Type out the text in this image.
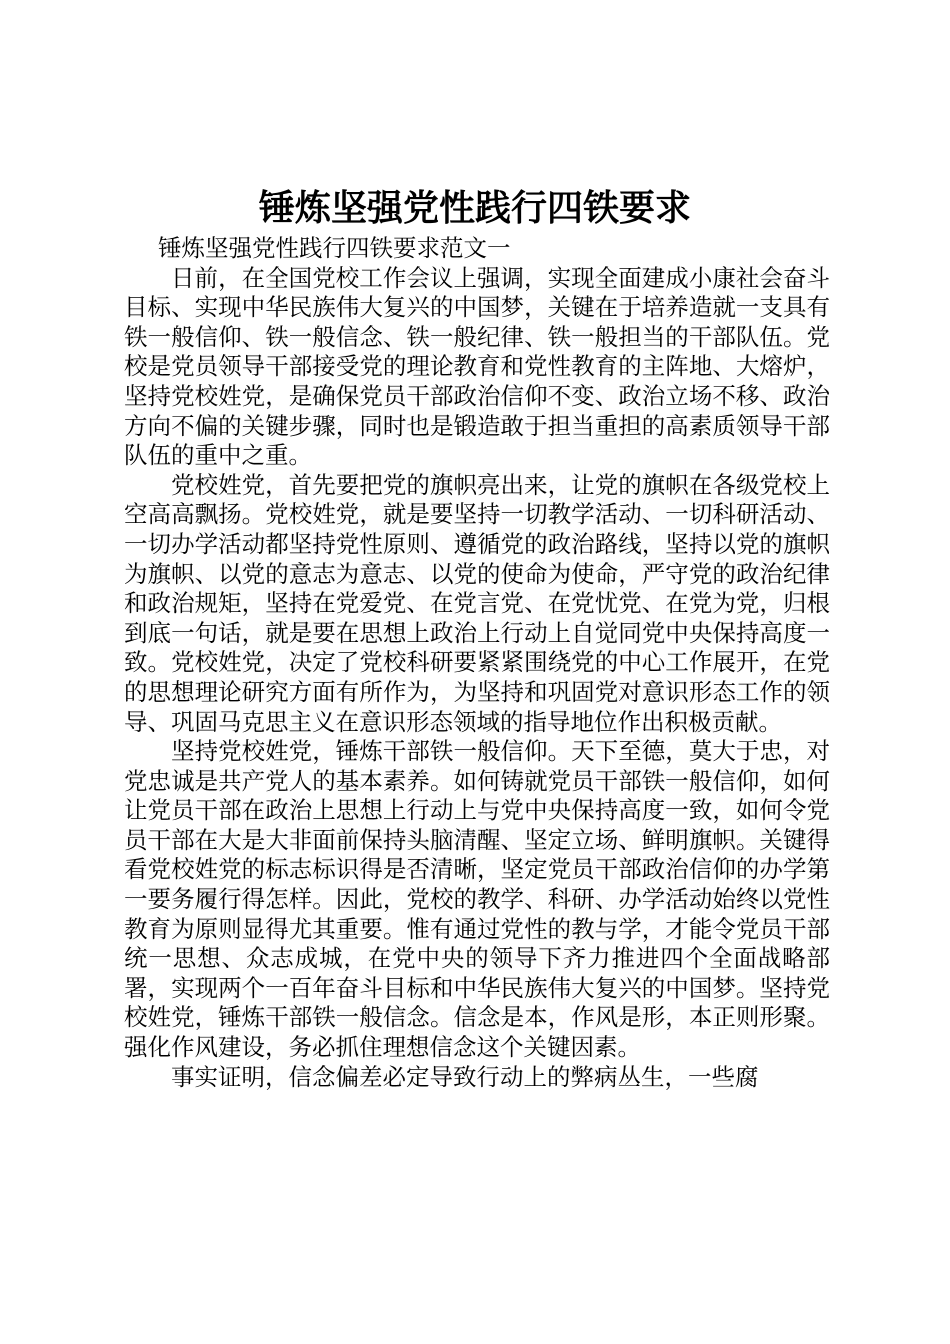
锤炼坚强党性践行四铁要求

锤炼坚强党性践行四铁要求范文一

日前，在全国党校工作会议上强调，实现全面建成小康社会奋斗目标、实现中华民族伟大复兴的中国梦，关键在于培养造就一支具有铁一般信仰、铁一般信念、铁一般纪律、铁一般担当的干部队伍。党校是党员领导干部接受党的理论教育和党性教育的主阵地、大熔炉，坚持党校姓党，是确保党员干部政治信仰不变、政治立场不移、政治方向不偏的关键步骤，同时也是锻造敢于担当重担的高素质领导干部队伍的重中之重。

党校姓党，首先要把党的旗帜亮出来，让党的旗帜在各级党校上空高高飘扬。党校姓党，就是要坚持一切教学活动、一切科研活动、一切办学活动都坚持党性原则、遵循党的政治路线，坚持以党的旗帜为旗帜、以党的意志为意志、以党的使命为使命，严守党的政治纪律和政治规矩，坚持在党爱党、在党言党、在党忧党、在党为党，归根到底一句话，就是要在思想上政治上行动上自觉同党中央保持高度一致。党校姓党，决定了党校科研要紧紧围绕党的中心工作展开，在党的思想理论研究方面有所作为，为坚持和巩固党对意识形态工作的领导、巩固马克思主义在意识形态领域的指导地位作出积极贡献。

坚持党校姓党，锤炼干部铁一般信仰。天下至德，莫大于忠，对党忠诚是共产党人的基本素养。如何铸就党员干部铁一般信仰，如何让党员干部在政治上思想上行动上与党中央保持高度一致，如何令党员干部在大是大非面前保持头脑清醒、坚定立场、鲜明旗帜。关键得看党校姓党的标志标识得是否清晰，坚定党员干部政治信仰的办学第一要务履行得怎样。因此，党校的教学、科研、办学活动始终以党性教育为原则显得尤其重要。惟有通过党性的教与学，才能令党员干部统一思想、众志成城，在党中央的领导下齐力推进四个全面战略部署，实现两个一百年奋斗目标和中华民族伟大复兴的中国梦。坚持党校姓党，锤炼干部铁一般信念。信念是本，作风是形，本正则形聚。强化作风建设，务必抓住理想信念这个关键因素。

事实证明，信念偏差必定导致行动上的弊病丛生，一些腐
